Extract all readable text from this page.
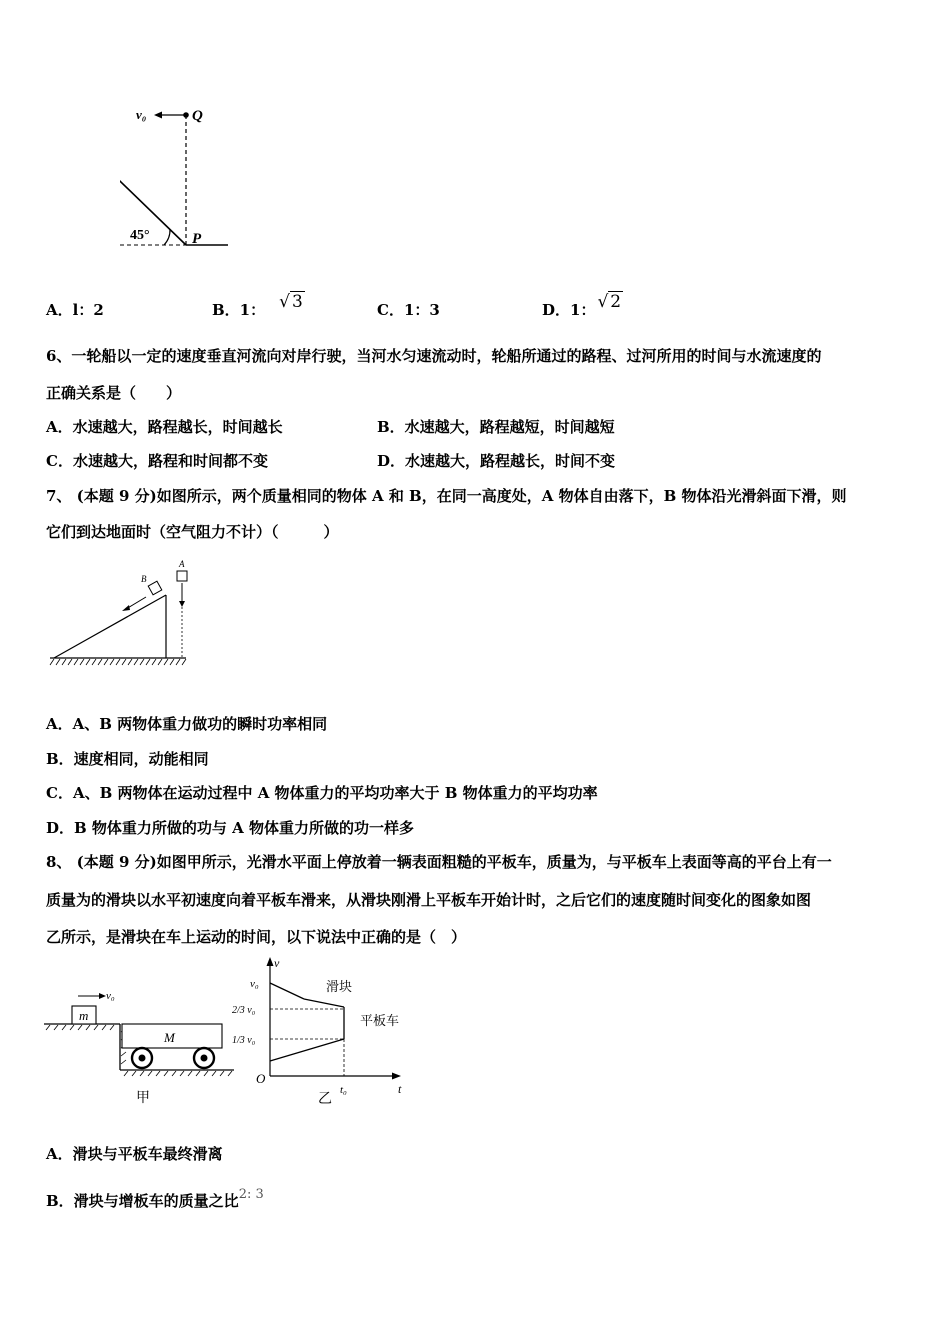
v₀	Q
P
45°
A．l：2	B．1： √ 3	C．1：3	D．1： √ 2
6、一轮船以一定的速度垂直河流向对岸行驶，当河水匀速流动时，轮船所通过的路程、过河所用的时间与水流速度的
正确关系是（　　）
A．水速越大，路程越长，时间越长	B．水速越大，路程越短，时间越短
C．水速越大，路程和时间都不变	D．水速越大，路程越长，时间不变
7、 (本题 9 分)如图所示，两个质量相同的物体 A 和 B，在同一高度处，A 物体自由落下，B 物体沿光滑斜面下滑，则
它们到达地面时（空气阻力不计）（　　　）
B
A
A．A、B 两物体重力做功的瞬时功率相同
B．速度相同，动能相同
C．A、B 两物体在运动过程中 A 物体重力的平均功率大于 B 物体重力的平均功率
D．B 物体重力所做的功与 A 物体重力所做的功一样多
8、 (本题 9 分)如图甲所示，光滑水平面上停放着一辆表面粗糙的平板车，质量为，与平板车上表面等高的平台上有一
质量为的滑块以水平初速度向着平板车滑来，从滑块刚滑上平板车开始计时，之后它们的速度随时间变化的图象如图
乙所示，是滑块在车上运动的时间，以下说法中正确的是（　）
m
M
v₀
甲
v
t
O
v₀
2/3 v₀
1/3 v₀
t₀
滑块
平板车
乙
A．滑块与平板车最终滑离
B．滑块与增板车的质量之比2: 3
